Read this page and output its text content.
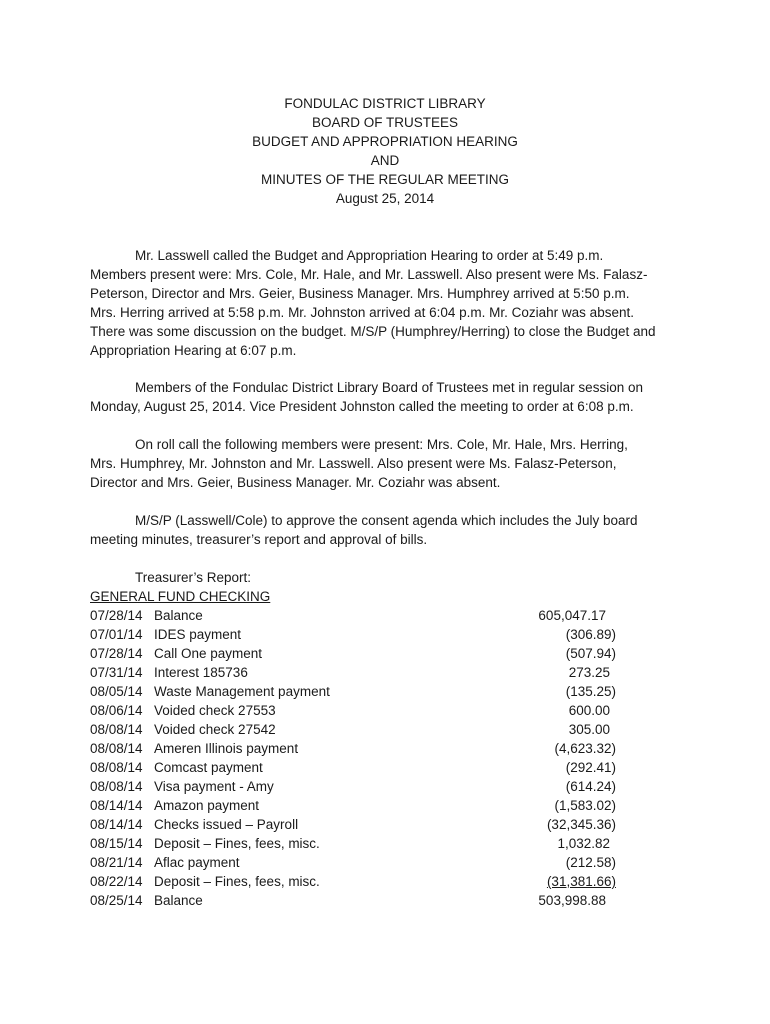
FONDULAC DISTRICT LIBRARY
BOARD OF TRUSTEES
BUDGET AND APPROPRIATION HEARING
AND
MINUTES OF THE REGULAR MEETING
August 25, 2014
Mr. Lasswell called the Budget and Appropriation Hearing to order at 5:49 p.m.
Members present were: Mrs. Cole, Mr. Hale, and Mr. Lasswell. Also present were Ms. Falasz-
Peterson, Director and Mrs. Geier, Business Manager. Mrs. Humphrey arrived at 5:50 p.m.
Mrs. Herring arrived at 5:58 p.m. Mr. Johnston arrived at 6:04 p.m. Mr. Coziahr was absent.
There was some discussion on the budget. M/S/P (Humphrey/Herring) to close the Budget and
Appropriation Hearing at 6:07 p.m.
Members of the Fondulac District Library Board of Trustees met in regular session on
Monday, August 25, 2014. Vice President Johnston called the meeting to order at 6:08 p.m.
On roll call the following members were present: Mrs. Cole, Mr. Hale, Mrs. Herring,
Mrs. Humphrey, Mr. Johnston and Mr. Lasswell. Also present were Ms. Falasz-Peterson,
Director and Mrs. Geier, Business Manager. Mr. Coziahr was absent.
M/S/P (Lasswell/Cole) to approve the consent agenda which includes the July board
meeting minutes, treasurer’s report and approval of bills.
Treasurer’s Report:
GENERAL FUND CHECKING
07/28/14 Balance	605,047.17
07/01/14 IDES payment	(306.89)
07/28/14 Call One payment	(507.94)
07/31/14 Interest 185736	273.25
08/05/14 Waste Management payment	(135.25)
08/06/14 Voided check 27553	600.00
08/08/14 Voided check 27542	305.00
08/08/14 Ameren Illinois payment	(4,623.32)
08/08/14 Comcast payment	(292.41)
08/08/14 Visa payment - Amy	(614.24)
08/14/14 Amazon payment	(1,583.02)
08/14/14 Checks issued – Payroll	(32,345.36)
08/15/14 Deposit – Fines, fees, misc.	1,032.82
08/21/14 Aflac payment	(212.58)
08/22/14 Deposit – Fines, fees, misc.	(31,381.66)
08/25/14 Balance	503,998.88
